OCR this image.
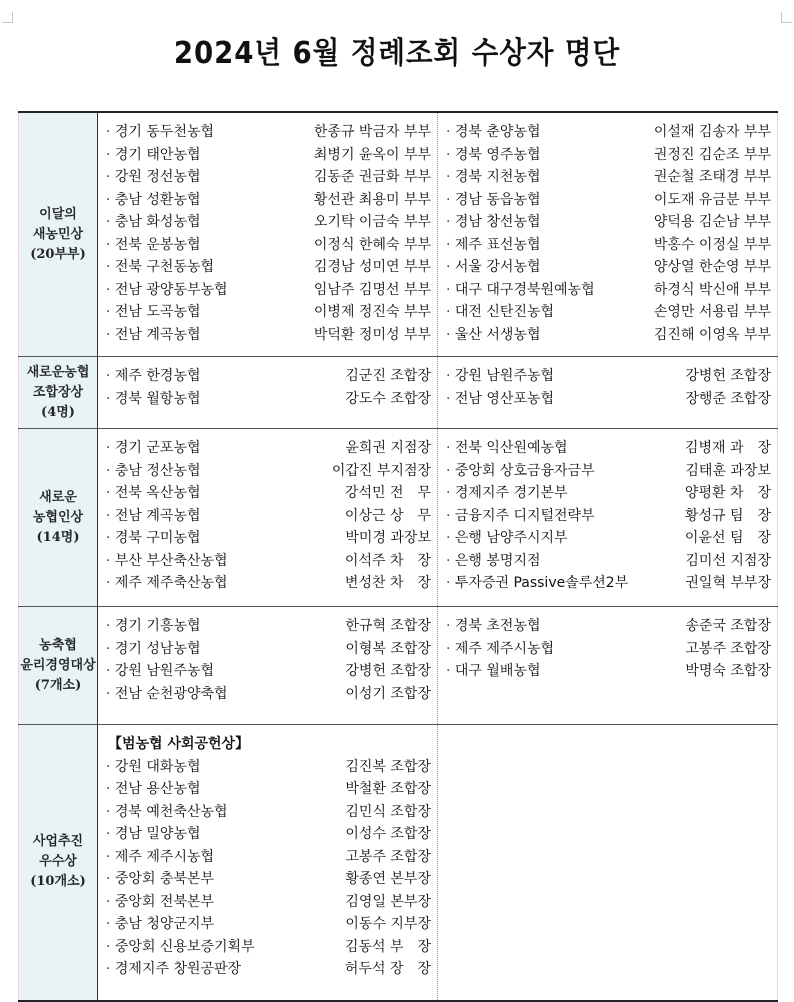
2024년 6월 정례조회 수상자 명단
이달의
새농민상
(20부부)

· 경기 동두천농협	한종규 박금자 부부
· 경기 태안농협	최병기 윤옥이 부부
· 강원 정선농협	김동준 권금화 부부
· 충남 성환농협	황선관 최용미 부부
· 충남 화성농협	오기탁 이금숙 부부
· 전북 운봉농협	이정식 한혜숙 부부
· 전북 구천동농협	김경남 성미연 부부
· 전남 광양동부농협	임남주 김명선 부부
· 전남 도곡농협	이병제 정진숙 부부
· 전남 계곡농협	박덕환 정미성 부부

· 경북 춘양농협	이설재 김송자 부부
· 경북 영주농협	권정진 김순조 부부
· 경북 지천농협	권순철 조태경 부부
· 경남 동읍농협	이도재 유금분 부부
· 경남 창선농협	양덕용 김순남 부부
· 제주 표선농협	박홍수 이정실 부부
· 서울 강서농협	양상열 한순영 부부
· 대구 대구경북원예농협	하경식 박신애 부부
· 대전 신탄진농협	손영만 서용림 부부
· 울산 서생농협	김진해 이영옥 부부

새로운농협
조합장상
(4명)

· 제주 한경농협	김군진 조합장
· 경북 월항농협	강도수 조합장

· 강원 남원주농협	강병헌 조합장
· 전남 영산포농협	장행준 조합장

새로운
농협인상
(14명)

· 경기 군포농협	윤희권 지점장
· 충남 정산농협	이갑진 부지점장
· 전북 옥산농협	강석민 전　무
· 전남 계곡농협	이상근 상　무
· 경북 구미농협	박미경 과장보
· 부산 부산축산농협	이석주 차　장
· 제주 제주축산농협	변성찬 차　장

· 전북 익산원예농협	김병재 과　장
· 중앙회 상호금융자금부	김태훈 과장보
· 경제지주 경기본부	양평환 차　장
· 금융지주 디지털전략부	황성규 팀　장
· 은행 남양주시지부	이윤선 팀　장
· 은행 봉명지점	김미선 지점장
· 투자증권 Passive솔루션2부	권일혁 부부장

농축협
윤리경영대상
(7개소)

· 경기 기흥농협	한규혁 조합장
· 경기 성남농협	이형복 조합장
· 강원 남원주농협	강병헌 조합장
· 전남 순천광양축협	이성기 조합장

· 경북 초전농협	송준국 조합장
· 제주 제주시농협	고봉주 조합장
· 대구 월배농협	박명숙 조합장

사업추진
우수상
(10개소)

【범농협 사회공헌상】
· 강원 대화농협	김진복 조합장
· 전남 용산농협	박철환 조합장
· 경북 예천축산농협	김민식 조합장
· 경남 밀양농협	이성수 조합장
· 제주 제주시농협	고봉주 조합장
· 중앙회 충북본부	황종연 본부장
· 중앙회 전북본부	김영일 본부장
· 충남 청양군지부	이동수 지부장
· 중앙회 신용보증기획부	김동석 부　장
· 경제지주 창원공판장	허두석 장　장
